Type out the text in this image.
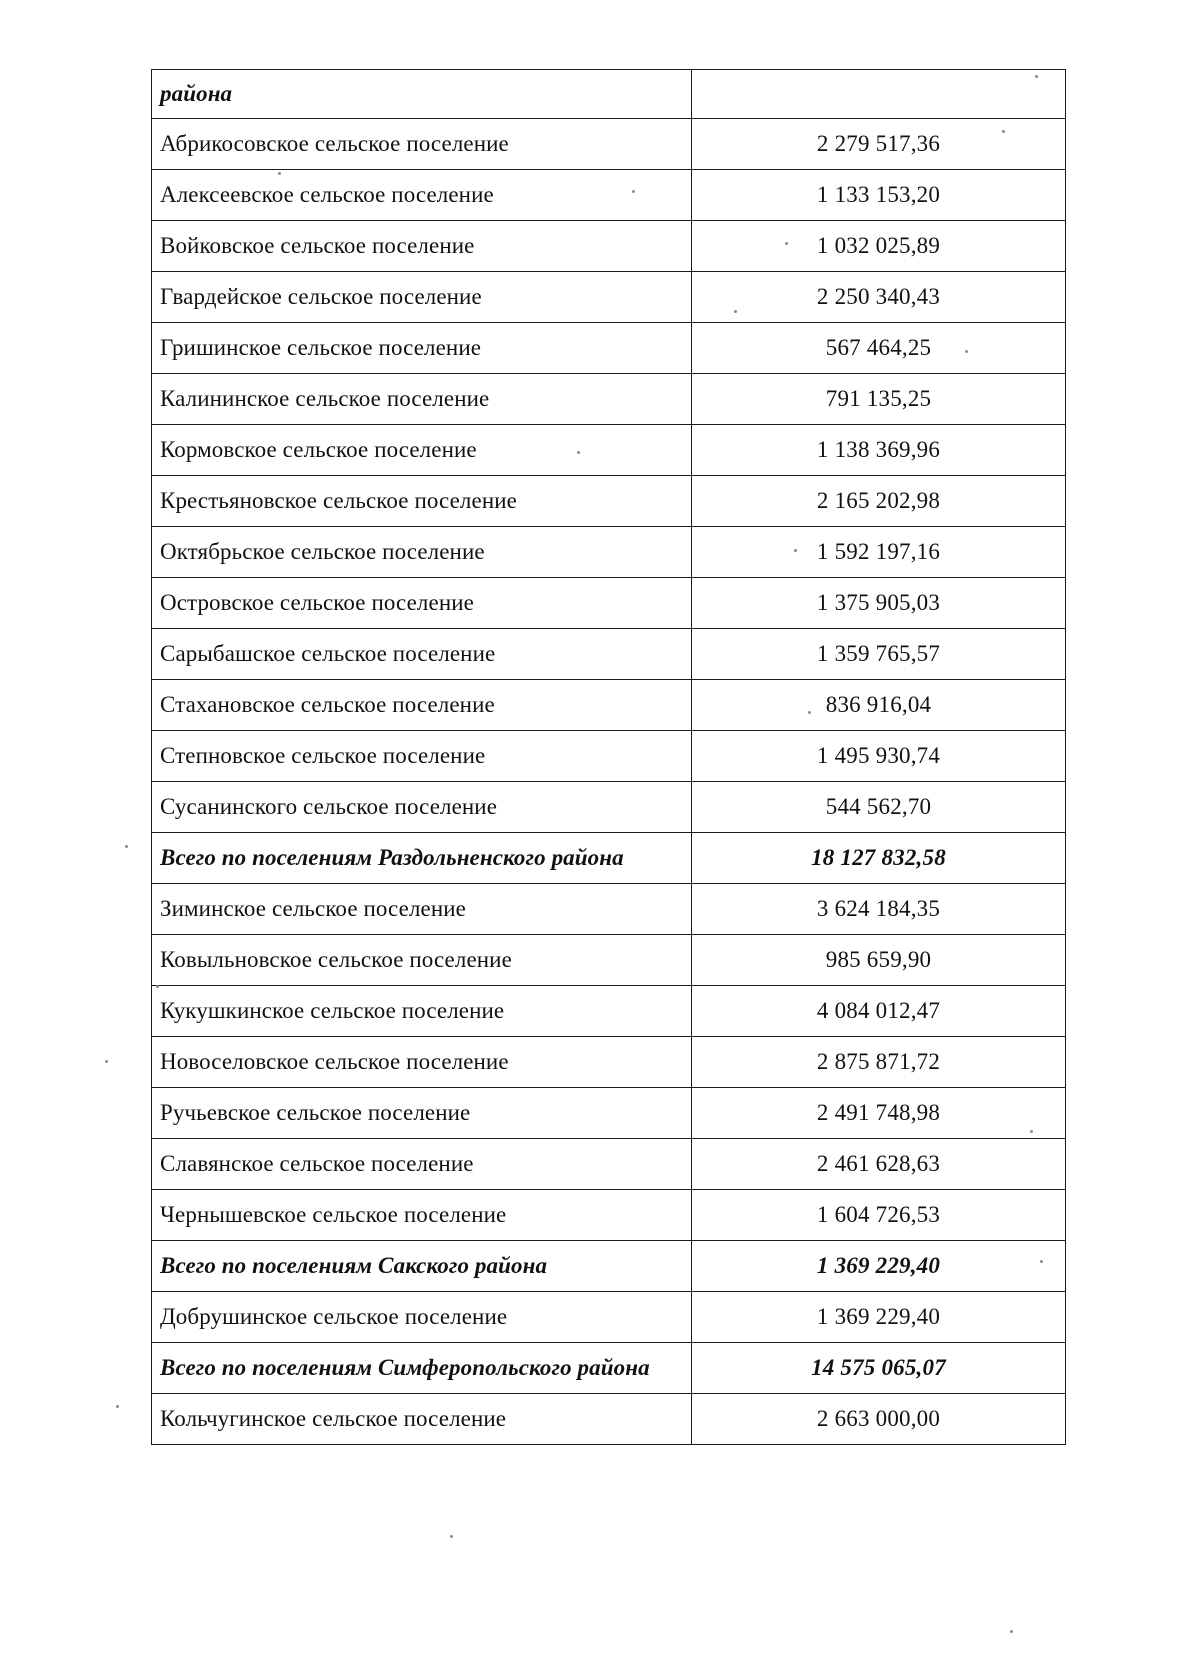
района	
Абрикосовское сельское поселение	2 279 517,36
Алексеевское сельское поселение	1 133 153,20
Войковское сельское поселение	1 032 025,89
Гвардейское сельское поселение	2 250 340,43
Гришинское сельское поселение	567 464,25
Калининское сельское поселение	791 135,25
Кормовское сельское поселение	1 138 369,96
Крестьяновское сельское поселение	2 165 202,98
Октябрьское сельское поселение	1 592 197,16
Островское сельское поселение	1 375 905,03
Сарыбашское сельское поселение	1 359 765,57
Стахановское сельское поселение	836 916,04
Степновское сельское поселение	1 495 930,74
Сусанинского сельское поселение	544 562,70
Всего по поселениям Раздольненского района	18 127 832,58
Зиминское сельское поселение	3 624 184,35
Ковыльновское сельское поселение	985 659,90
Кукушкинское сельское поселение	4 084 012,47
Новоселовское сельское поселение	2 875 871,72
Ручьевское сельское поселение	2 491 748,98
Славянское сельское поселение	2 461 628,63
Чернышевское сельское поселение	1 604 726,53
Всего по поселениям Сакского района	1 369 229,40
Добрушинское сельское поселение	1 369 229,40
Всего по поселениям Симферопольского района	14 575 065,07
Кольчугинское сельское поселение	2 663 000,00
